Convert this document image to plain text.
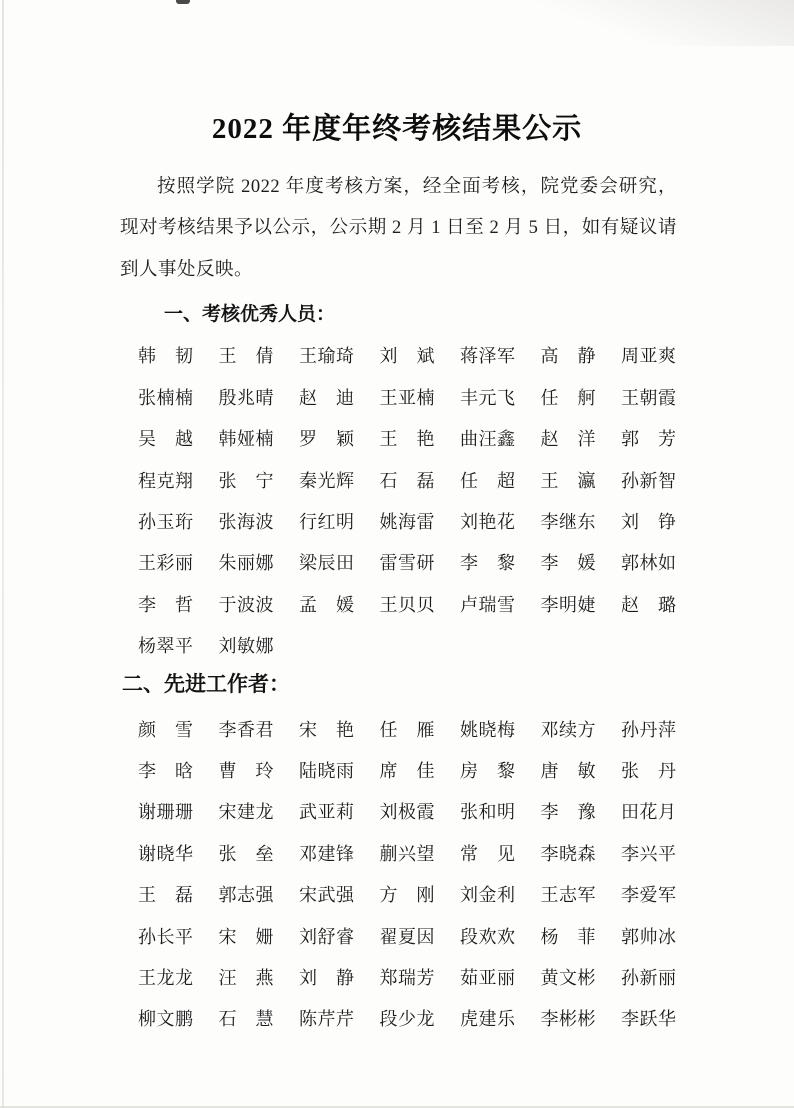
2022 年度年终考核结果公示

按照学院 2022 年度考核方案，经全面考核，院党委会研究，现对考核结果予以公示，公示期 2 月 1 日至 2 月 5 日，如有疑议请到人事处反映。

一、考核优秀人员：
韩　韧 王　倩 王瑜琦 刘　斌 蒋泽军 高　静 周亚爽
张楠楠 殷兆晴 赵　迪 王亚楠 丰元飞 任　舸 王朝霞
吴　越 韩娅楠 罗　颖 王　艳 曲汪鑫 赵　洋 郭　芳
程克翔 张　宁 秦光辉 石　磊 任　超 王　瀛 孙新智
孙玉珩 张海波 行红明 姚海雷 刘艳花 李继东 刘　铮
王彩丽 朱丽娜 梁辰田 雷雪研 李　黎 李　媛 郭林如
李　哲 于波波 孟　媛 王贝贝 卢瑞雪 李明婕 赵　璐
杨翠平 刘敏娜
二、先进工作者：
颜　雪 李香君 宋　艳 任　雁 姚晓梅 邓续方 孙丹萍
李　晗 曹　玲 陆晓雨 席　佳 房　黎 唐　敏 张　丹
谢珊珊 宋建龙 武亚莉 刘极霞 张和明 李　豫 田花月
谢晓华 张　垒 邓建锋 蒯兴望 常　见 李晓森 李兴平
王　磊 郭志强 宋武强 方　刚 刘金利 王志军 李爱军
孙长平 宋　姗 刘舒睿 翟夏因 段欢欢 杨　菲 郭帅冰
王龙龙 汪　燕 刘　静 郑瑞芳 茹亚丽 黄文彬 孙新丽
柳文鹏 石　慧 陈芹芹 段少龙 虎建乐 李彬彬 李跃华
